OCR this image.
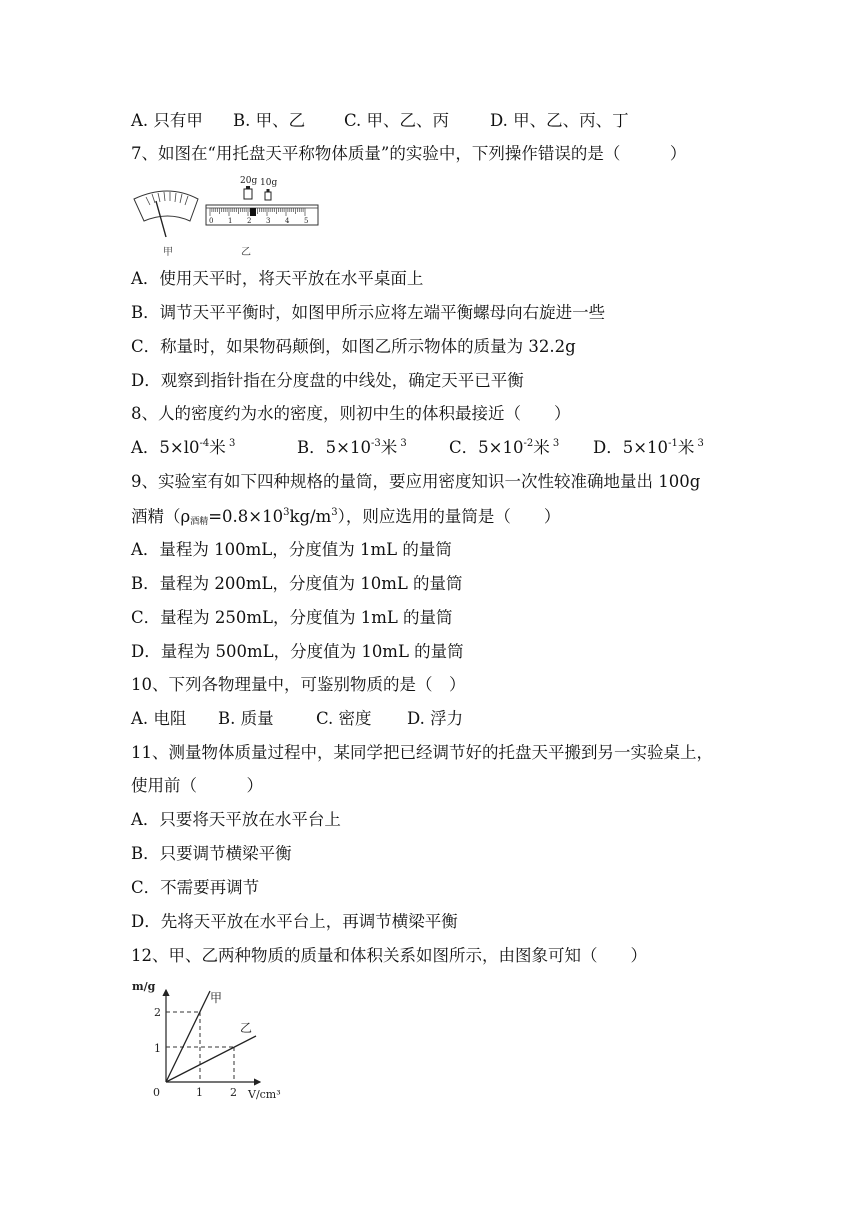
A. 只有甲 B. 甲、乙 C. 甲、乙、丙 D. 甲、乙、丙、丁
7、如图在“用托盘天平称物体质量”的实验中，下列操作错误的是（　　　）
甲
20g 10g
0 1 2 3 4 5
乙
A．使用天平时，将天平放在水平桌面上
B．调节天平平衡时，如图甲所示应将左端平衡螺母向右旋进一些
C．称量时，如果物码颠倒，如图乙所示物体的质量为 32.2g
D．观察到指针指在分度盘的中线处，确定天平已平衡
8、人的密度约为水的密度，则初中生的体积最接近（　　）
A．$5\times l0^{-4}$米 $^3$	B．$5\times 10^{-3}$米 $^3$	C．$5\times 10^{-2}$米 $^3$ D．$5\times 10^{-1}$米 $^3$
9、实验室有如下四种规格的量筒，要应用密度知识一次性较准确地量出 100g
酒精$(\rho_{酒精}=0.8\times 10^3kg/m^3)$，则应选用的量筒是（　　）
A．量程为 100mL，分度值为 1mL 的量筒
B．量程为 200mL，分度值为 10mL 的量筒
C．量程为 250mL，分度值为 1mL 的量筒
D．量程为 500mL，分度值为 10mL 的量筒
10、下列各物理量中，可鉴别物质的是（　）
A. 电阻 B. 质量	C. 密度 D. 浮力
11、测量物体质量过程中，某同学把已经调节好的托盘天平搬到另一实验桌上，
使用前（　　　）
A．只要将天平放在水平台上
B．只要调节横梁平衡
C．不需要再调节
D．先将天平放在水平台上，再调节横梁平衡
12、甲、乙两种物质的质量和体积关系如图所示，由图象可知（　　）
m/g
V/cm³
0	1 2
1
2
甲
乙
